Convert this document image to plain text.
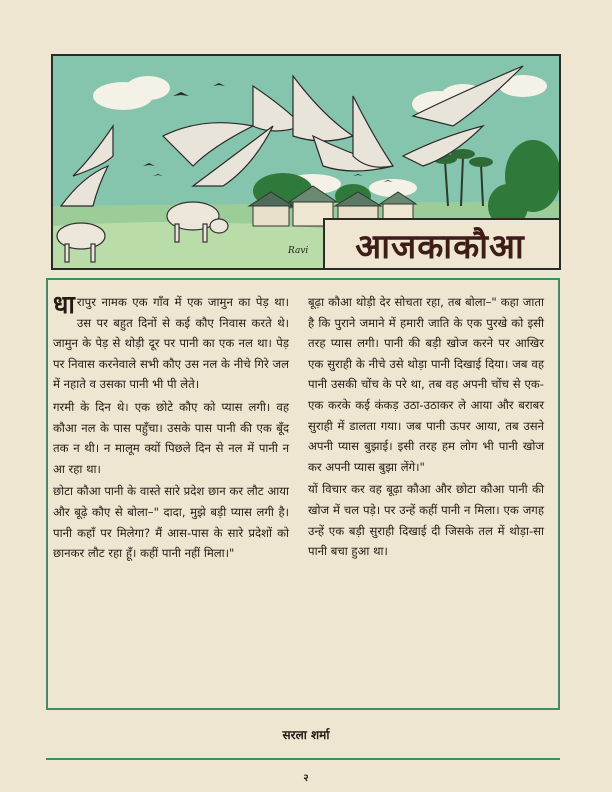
आजकाकौआ
Ravi

धारापुर नामक एक गाँव में एक जामुन का पेड़ था। उस पर बहुत दिनों से कई कौए निवास करते थे। जामुन के पेड़ से थोड़ी दूर पर पानी का एक नल था। पेड़ पर निवास करनेवाले सभी कौए उस नल के नीचे गिरे जल में नहाते व उसका पानी भी पी लेते।

गरमी के दिन थे। एक छोटे कौए को प्यास लगी। वह कौआ नल के पास पहुँचा। उसके पास पानी की एक बूँद तक न थी। न मालूम क्यों पिछले दिन से नल में पानी न आ रहा था।

छोटा कौआ पानी के वास्ते सारे प्रदेश छान कर लौट आया और बूढ़े कौए से बोला–" दादा, मुझे बड़ी प्यास लगी है। पानी कहाँ पर मिलेगा? मैं आस-पास के सारे प्रदेशों को छानकर लौट रहा हूँ। कहीं पानी नहीं मिला।"

बूढ़ा कौआ थोड़ी देर सोचता रहा, तब बोला–" कहा जाता है कि पुराने जमाने में हमारी जाति के एक पुरखे को इसी तरह प्यास लगी। पानी की बड़ी खोज करने पर आखिर एक सुराही के नीचे उसे थोड़ा पानी दिखाई दिया। जब वह पानी उसकी चोंच के परे था, तब वह अपनी चोंच से एक-एक करके कई कंकड़ उठा-उठाकर ले आया और बराबर सुराही में डालता गया। जब पानी ऊपर आया, तब उसने अपनी प्यास बुझाई। इसी तरह हम लोग भी पानी खोज कर अपनी प्यास बुझा लेंगे।"

यों विचार कर वह बूढ़ा कौआ और छोटा कौआ पानी की खोज में चल पड़े। पर उन्हें कहीं पानी न मिला। एक जगह उन्हें एक बड़ी सुराही दिखाई दी जिसके तल में थोड़ा-सा पानी बचा हुआ था।

सरला शर्मा
२
